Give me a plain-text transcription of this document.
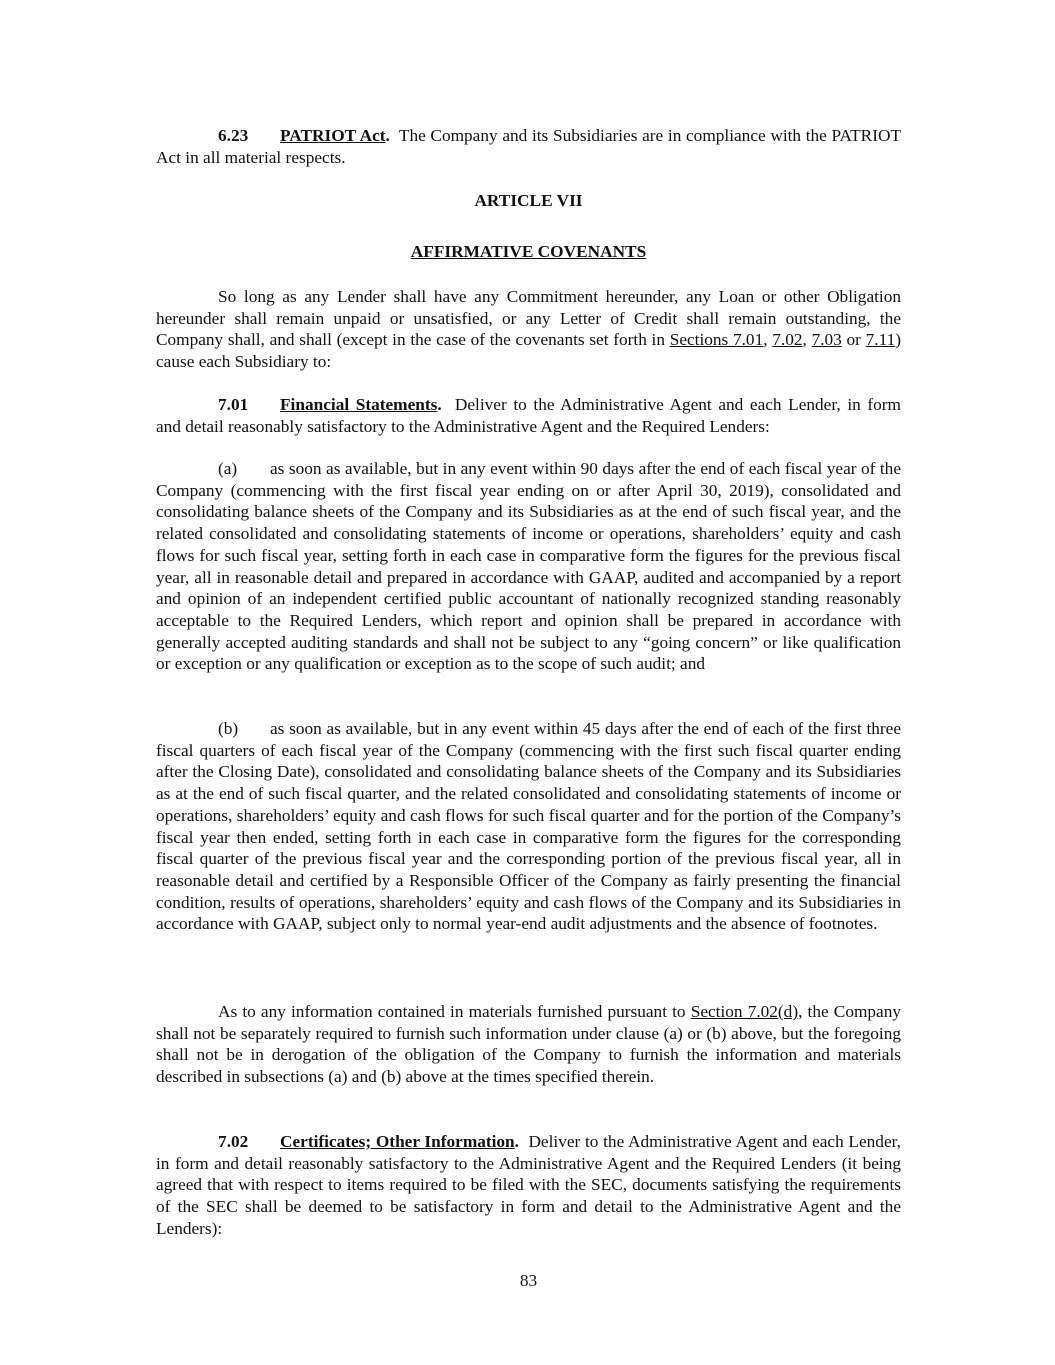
6.23 PATRIOT Act. The Company and its Subsidiaries are in compliance with the PATRIOT Act in all material respects.

ARTICLE VII

AFFIRMATIVE COVENANTS

So long as any Lender shall have any Commitment hereunder, any Loan or other Obligation hereunder shall remain unpaid or unsatisfied, or any Letter of Credit shall remain outstanding, the Company shall, and shall (except in the case of the covenants set forth in Sections 7.01, 7.02, 7.03 or 7.11) cause each Subsidiary to:

7.01 Financial Statements. Deliver to the Administrative Agent and each Lender, in form and detail reasonably satisfactory to the Administrative Agent and the Required Lenders:

(a) as soon as available, but in any event within 90 days after the end of each fiscal year of the Company (commencing with the first fiscal year ending on or after April 30, 2019), consolidated and consolidating balance sheets of the Company and its Subsidiaries as at the end of such fiscal year, and the related consolidated and consolidating statements of income or operations, shareholders’ equity and cash flows for such fiscal year, setting forth in each case in comparative form the figures for the previous fiscal year, all in reasonable detail and prepared in accordance with GAAP, audited and accompanied by a report and opinion of an independent certified public accountant of nationally recognized standing reasonably acceptable to the Required Lenders, which report and opinion shall be prepared in accordance with generally accepted auditing standards and shall not be subject to any “going concern” or like qualification or exception or any qualification or exception as to the scope of such audit; and

(b) as soon as available, but in any event within 45 days after the end of each of the first three fiscal quarters of each fiscal year of the Company (commencing with the first such fiscal quarter ending after the Closing Date), consolidated and consolidating balance sheets of the Company and its Subsidiaries as at the end of such fiscal quarter, and the related consolidated and consolidating statements of income or operations, shareholders’ equity and cash flows for such fiscal quarter and for the portion of the Company’s fiscal year then ended, setting forth in each case in comparative form the figures for the corresponding fiscal quarter of the previous fiscal year and the corresponding portion of the previous fiscal year, all in reasonable detail and certified by a Responsible Officer of the Company as fairly presenting the financial condition, results of operations, shareholders’ equity and cash flows of the Company and its Subsidiaries in accordance with GAAP, subject only to normal year-end audit adjustments and the absence of footnotes.

As to any information contained in materials furnished pursuant to Section 7.02(d), the Company shall not be separately required to furnish such information under clause (a) or (b) above, but the foregoing shall not be in derogation of the obligation of the Company to furnish the information and materials described in subsections (a) and (b) above at the times specified therein.

7.02 Certificates; Other Information. Deliver to the Administrative Agent and each Lender, in form and detail reasonably satisfactory to the Administrative Agent and the Required Lenders (it being agreed that with respect to items required to be filed with the SEC, documents satisfying the requirements of the SEC shall be deemed to be satisfactory in form and detail to the Administrative Agent and the Lenders):

83
